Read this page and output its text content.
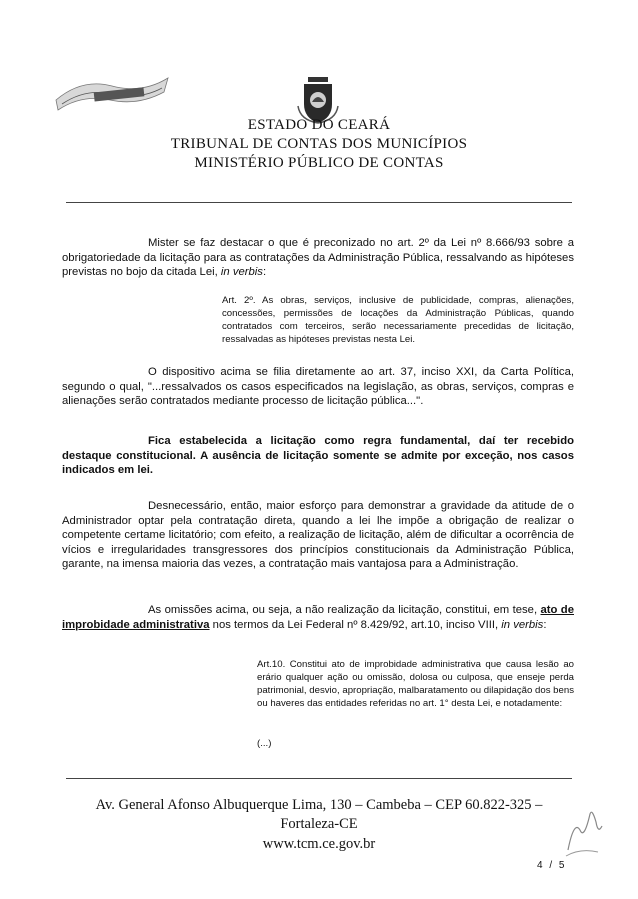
ESTADO DO CEARÁ
TRIBUNAL DE CONTAS DOS MUNICÍPIOS
MINISTÉRIO PÚBLICO DE CONTAS
Mister se faz destacar o que é preconizado no art. 2º da Lei nº 8.666/93 sobre a obrigatoriedade da licitação para as contratações da Administração Pública, ressalvando as hipóteses previstas no bojo da citada Lei, in verbis:
Art. 2º. As obras, serviços, inclusive de publicidade, compras, alienações, concessões, permissões de locações da Administração Públicas, quando contratados com terceiros, serão necessariamente precedidas de licitação, ressalvadas as hipóteses previstas nesta Lei.
O dispositivo acima se filia diretamente ao art. 37, inciso XXI, da Carta Política, segundo o qual, "...ressalvados os casos especificados na legislação, as obras, serviços, compras e alienações serão contratados mediante processo de licitação pública...".
Fica estabelecida a licitação como regra fundamental, daí ter recebido destaque constitucional. A ausência de licitação somente se admite por exceção, nos casos indicados em lei.
Desnecessário, então, maior esforço para demonstrar a gravidade da atitude de o Administrador optar pela contratação direta, quando a lei lhe impõe a obrigação de realizar o competente certame licitatório; com efeito, a realização de licitação, além de dificultar a ocorrência de vícios e irregularidades transgressores dos princípios constitucionais da Administração Pública, garante, na imensa maioria das vezes, a contratação mais vantajosa para a Administração.
As omissões acima, ou seja, a não realização da licitação, constitui, em tese, ato de improbidade administrativa nos termos da Lei Federal nº 8.429/92, art.10, inciso VIII, in verbis:
Art.10. Constitui ato de improbidade administrativa que causa lesão ao erário qualquer ação ou omissão, dolosa ou culposa, que enseje perda patrimonial, desvio, apropriação, malbaratamento ou dilapidação dos bens ou haveres das entidades referidas no art. 1° desta Lei, e notadamente:
(...)
Av. General Afonso Albuquerque Lima, 130 – Cambeba – CEP 60.822-325 –
Fortaleza-CE
www.tcm.ce.gov.br
4 / 5
